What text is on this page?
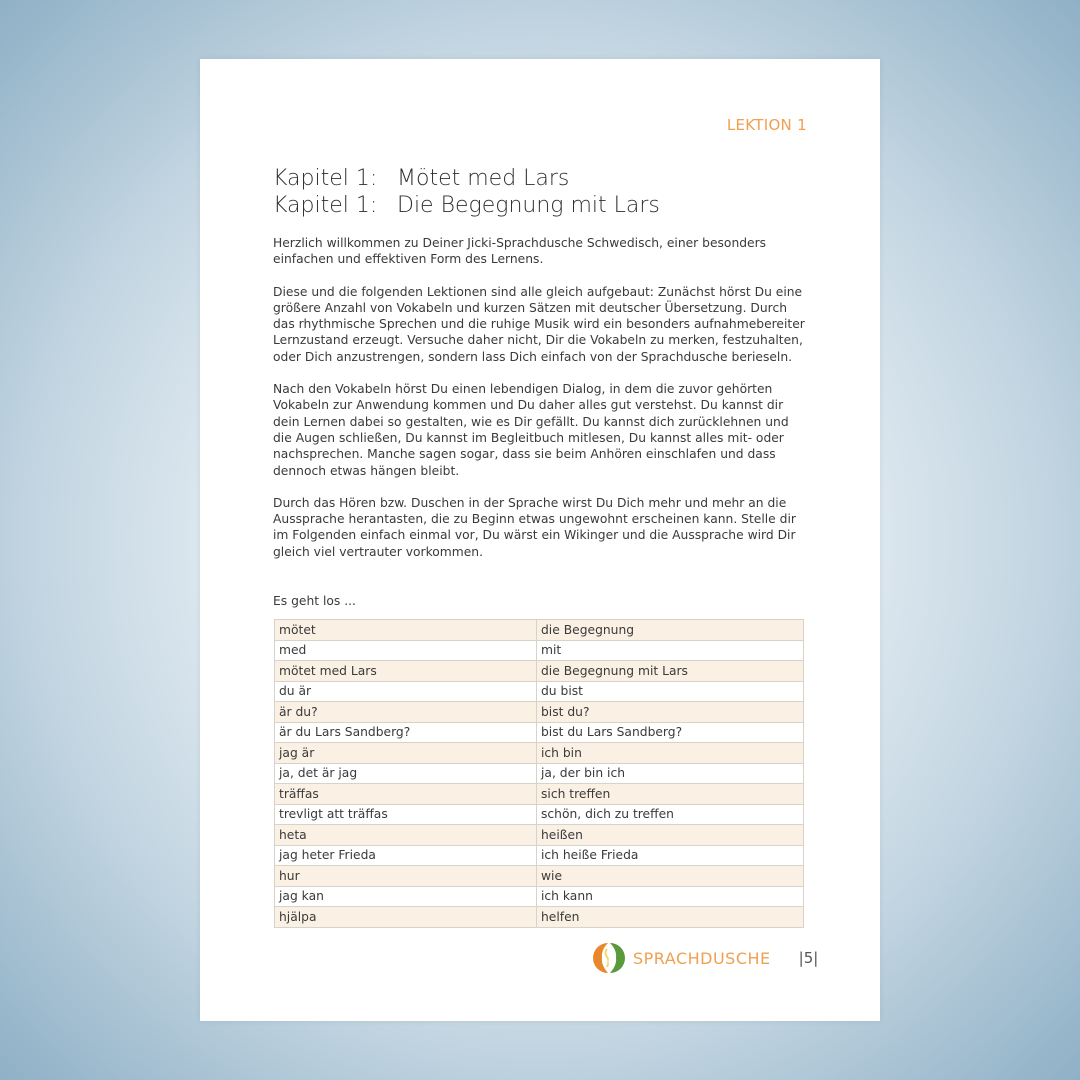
LEKTION 1
Kapitel 1: Mötet med Lars
Kapitel 1: Die Begegnung mit Lars

Herzlich willkommen zu Deiner Jicki-Sprachdusche Schwedisch, einer besonders einfachen und effektiven Form des Lernens.

Diese und die folgenden Lektionen sind alle gleich aufgebaut: Zunächst hörst Du eine größere Anzahl von Vokabeln und kurzen Sätzen mit deutscher Übersetzung. Durch das rhythmische Sprechen und die ruhige Musik wird ein besonders aufnahmebereiter Lernzustand erzeugt. Versuche daher nicht, Dir die Vokabeln zu merken, festzuhalten, oder Dich anzustrengen, sondern lass Dich einfach von der Sprachdusche berieseln.

Nach den Vokabeln hörst Du einen lebendigen Dialog, in dem die zuvor gehörten Vokabeln zur Anwendung kommen und Du daher alles gut verstehst. Du kannst dir dein Lernen dabei so gestalten, wie es Dir gefällt. Du kannst dich zurücklehnen und die Augen schließen, Du kannst im Begleitbuch mitlesen, Du kannst alles mit- oder nachsprechen. Manche sagen sogar, dass sie beim Anhören einschlafen und dass dennoch etwas hängen bleibt.

Durch das Hören bzw. Duschen in der Sprache wirst Du Dich mehr und mehr an die Aussprache herantasten, die zu Beginn etwas ungewohnt erscheinen kann. Stelle dir im Folgenden einfach einmal vor, Du wärst ein Wikinger und die Aussprache wird Dir gleich viel vertrauter vorkommen.

Es geht los ...
mötet	die Begegnung
med	mit
mötet med Lars	die Begegnung mit Lars
du är	du bist
är du?	bist du?
är du Lars Sandberg?	bist du Lars Sandberg?
jag är	ich bin
ja, det är jag	ja, der bin ich
träffas	sich treffen
trevligt att träffas	schön, dich zu treffen
heta	heißen
jag heter Frieda	ich heiße Frieda
hur	wie
jag kan	ich kann
hjälpa	helfen
SPRACHDUSCHE |5|
